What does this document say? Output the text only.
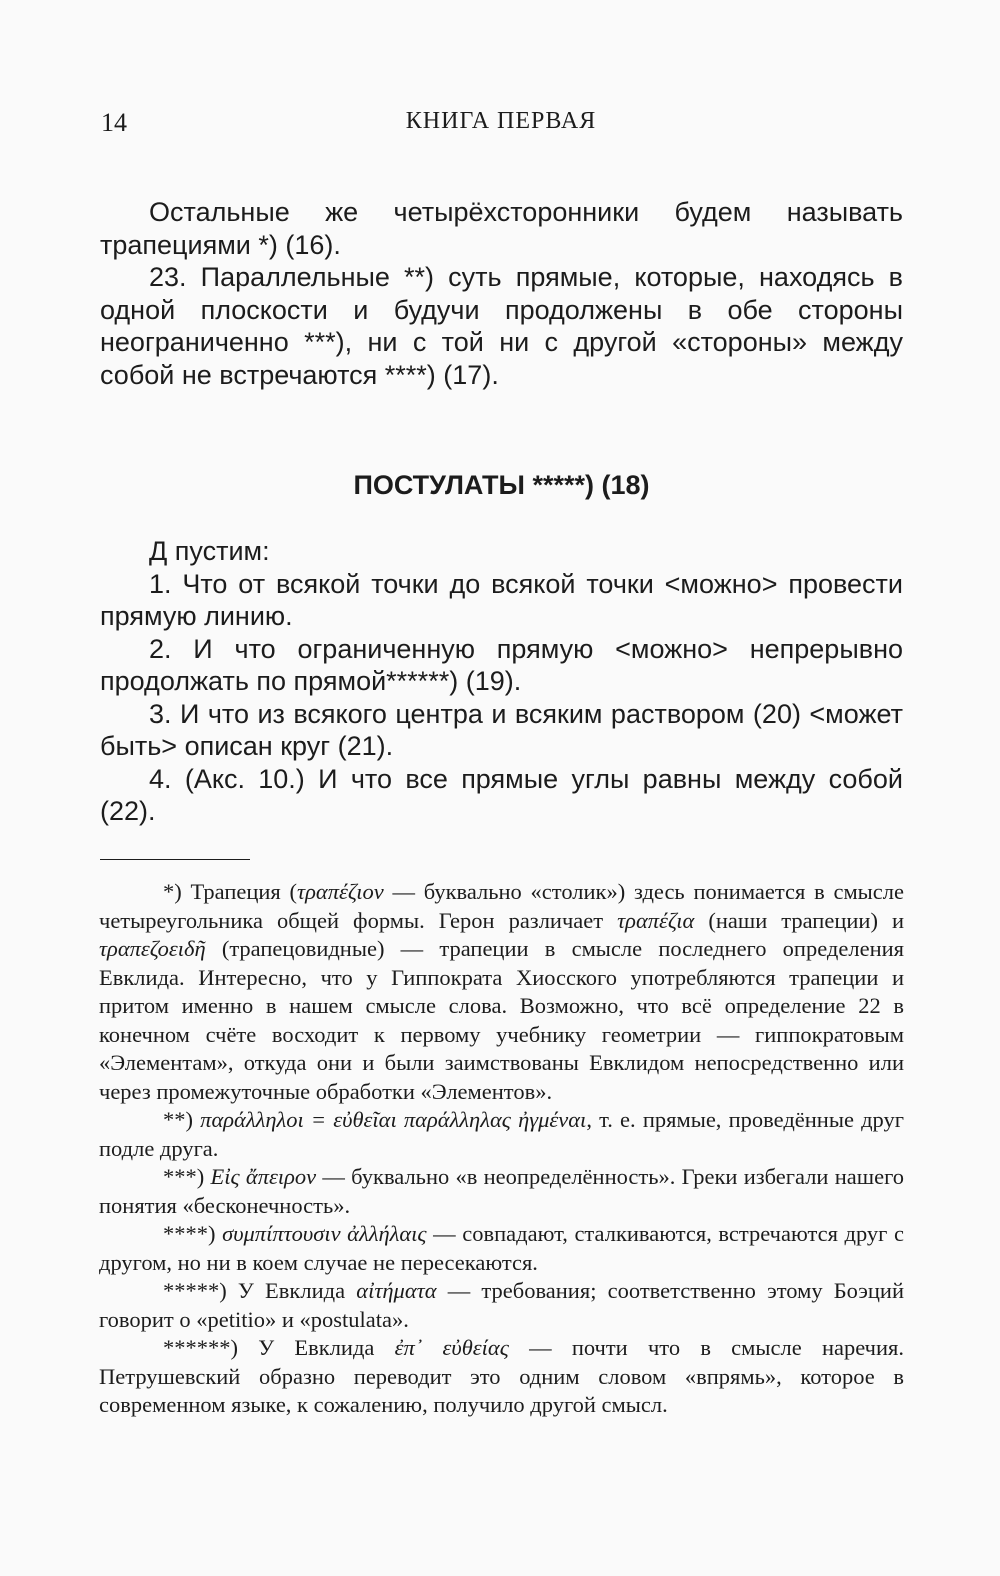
14	КНИГА ПЕРВАЯ

Остальные же четырёхсторонники будем называть трапециями *) (16).

23. Параллельные **) суть прямые, которые, находясь в одной плоскости и будучи продолжены в обе стороны неограниченно ***), ни с той ни с другой «стороны» между собой не встречаются ****) (17).

ПОСТУЛАТЫ *****) (18)

Д пустим:

1. Что от всякой точки до всякой точки <можно> провести прямую линию.

2. И что ограниченную прямую <можно> непрерывно продолжать по прямой******) (19).

3. И что из всякого центра и всяким раствором (20) <может быть> описан круг (21).

4. (Акс. 10.) И что все прямые углы равны между собой (22).

*) Трапеция (τραπέζιον — буквально «столик») здесь понимается в смысле четыреугольника общей формы. Герон различает τραπέζια (наши трапеции) и τραπεζοειδῆ (трапецовидные) — трапеции в смысле последнего определения Евклида. Интересно, что у Гиппократа Хиосского употребляются трапеции и притом именно в нашем смысле слова. Возможно, что всё определение 22 в конечном счёте восходит к первому учебнику геометрии — гиппократовым «Элементам», откуда они и были заимствованы Евклидом непосредственно или через промежуточные обработки «Элементов».

**) παράλληλοι = εὐθεῖαι παράλληλας ἠγμέναι, т. е. прямые, проведённые друг подле друга.

***) Εἰς ἄπειρον — буквально «в неопределённость». Греки избегали нашего понятия «бесконечность».

****) συμπίπτουσιν ἀλλήλαις — совпадают, сталкиваются, встречаются друг с другом, но ни в коем случае не пересекаются.

*****) У Евклида αἰτήματα — требования; соответственно этому Боэций говорит о «petitio» и «postulata».

******) У Евклида ἐπ᾽ εὐθείας — почти что в смысле наречия. Петрушевский образно переводит это одним словом «впрямь», которое в современном языке, к сожалению, получило другой смысл.
